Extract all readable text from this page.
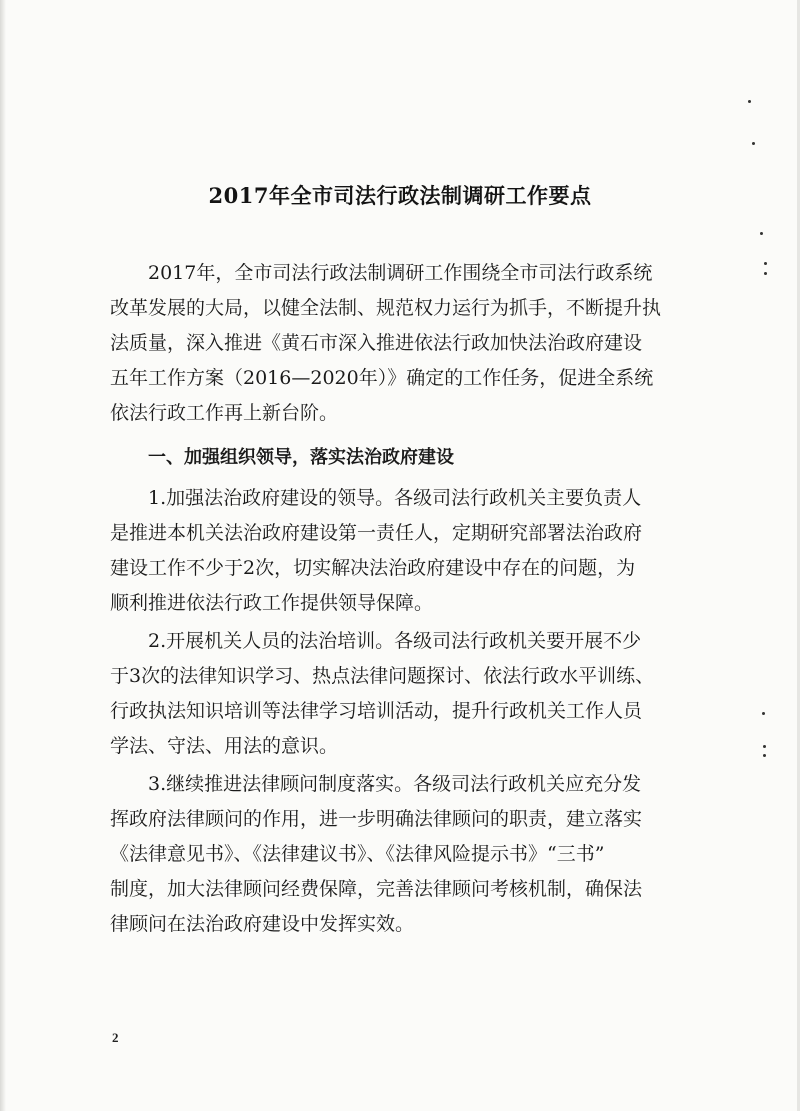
2017年全市司法行政法制调研工作要点
2017年，全市司法行政法制调研工作围绕全市司法行政系统
改革发展的大局，以健全法制、规范权力运行为抓手，不断提升执
法质量，深入推进《黄石市深入推进依法行政加快法治政府建设
五年工作方案（2016—2020年）》确定的工作任务，促进全系统
依法行政工作再上新台阶。
一、加强组织领导，落实法治政府建设
1.加强法治政府建设的领导。各级司法行政机关主要负责人
是推进本机关法治政府建设第一责任人，定期研究部署法治政府
建设工作不少于2次，切实解决法治政府建设中存在的问题，为
顺利推进依法行政工作提供领导保障。
2.开展机关人员的法治培训。各级司法行政机关要开展不少
于3次的法律知识学习、热点法律问题探讨、依法行政水平训练、
行政执法知识培训等法律学习培训活动，提升行政机关工作人员
学法、守法、用法的意识。
3.继续推进法律顾问制度落实。各级司法行政机关应充分发
挥政府法律顾问的作用，进一步明确法律顾问的职责，建立落实
《法律意见书》、《法律建议书》、《法律风险提示书》“三书”
制度，加大法律顾问经费保障，完善法律顾问考核机制，确保法
律顾问在法治政府建设中发挥实效。
2
